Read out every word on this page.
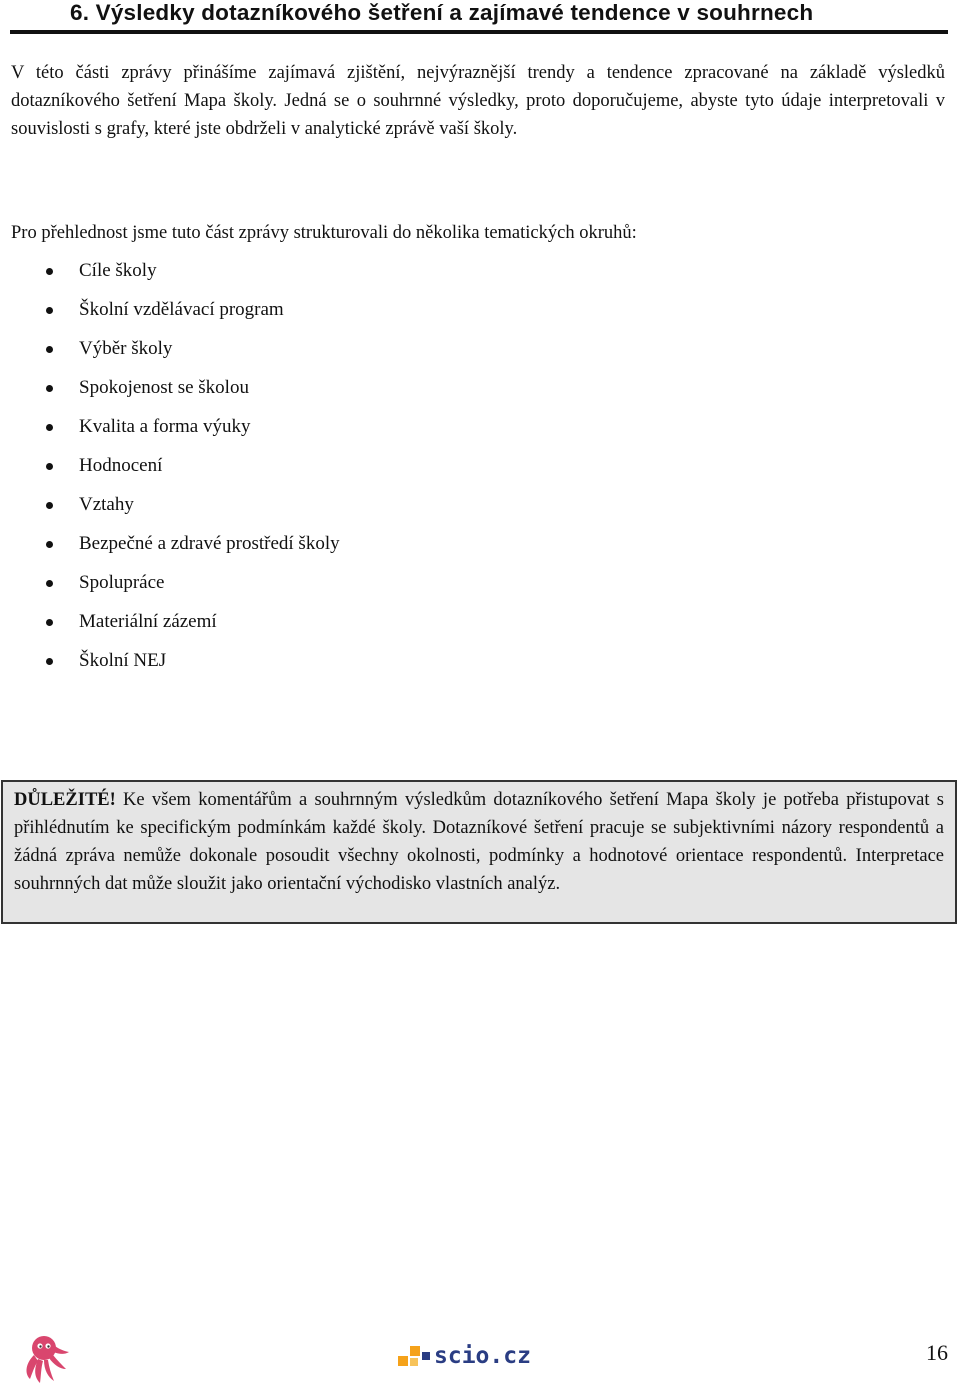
6. Výsledky dotazníkového šetření a zajímavé tendence v souhrnech

V této části zprávy přinášíme zajímavá zjištění, nejvýraznější trendy a tendence zpracované na základě výsledků dotazníkového šetření Mapa školy. Jedná se o souhrnné výsledky, proto doporučujeme, abyste tyto údaje interpretovali v souvislosti s grafy, které jste obdrželi v analytické zprávě vaší školy.

Pro přehlednost jsme tuto část zprávy strukturovali do několika tematických okruhů:

Cíle školy
Školní vzdělávací program
Výběr školy
Spokojenost se školou
Kvalita a forma výuky
Hodnocení
Vztahy
Bezpečné a zdravé prostředí školy
Spolupráce
Materiální zázemí
Školní NEJ
DŮLEŽITÉ! Ke všem komentářům a souhrnným výsledkům dotazníkového šetření Mapa školy je potřeba přistupovat s přihlédnutím ke specifickým podmínkám každé školy. Dotazníkové šetření pracuje se subjektivními názory respondentů a žádná zpráva nemůže dokonale posoudit všechny okolnosti, podmínky a hodnotové orientace respondentů. Interpretace souhrnných dat může sloužit jako orientační východisko vlastních analýz.
scio.cz	16
